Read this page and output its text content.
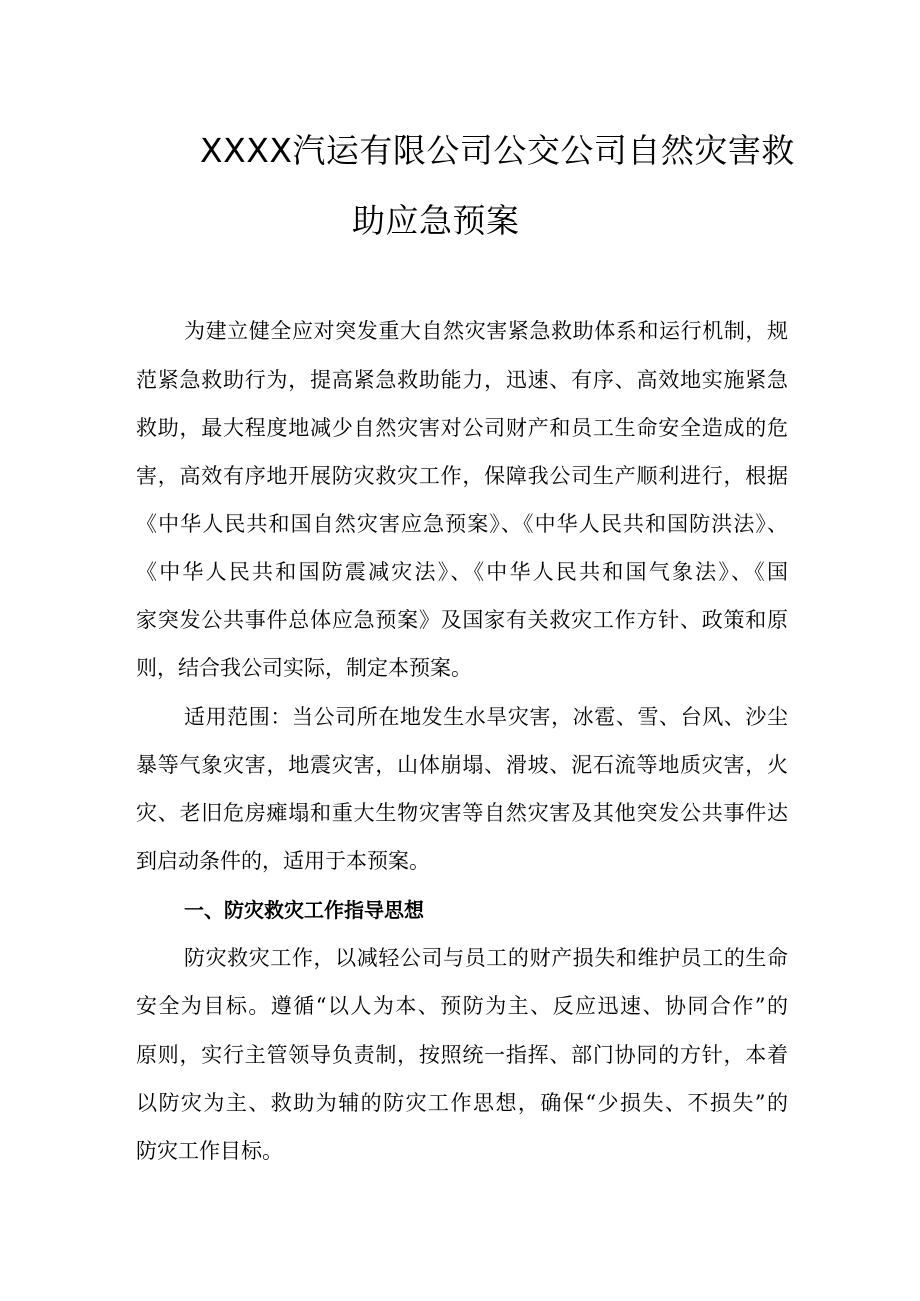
XXXX汽运有限公司公交公司自然灾害救
助应急预案
为建立健全应对突发重大自然灾害紧急救助体系和运行机制，规
范紧急救助行为，提高紧急救助能力，迅速、有序、高效地实施紧急
救助，最大程度地减少自然灾害对公司财产和员工生命安全造成的危
害，高效有序地开展防灾救灾工作，保障我公司生产顺利进行，根据
《中华人民共和国自然灾害应急预案》、《中华人民共和国防洪法》、
《中华人民共和国防震减灾法》、《中华人民共和国气象法》、《国
家突发公共事件总体应急预案》及国家有关救灾工作方针、政策和原
则，结合我公司实际，制定本预案。
适用范围：当公司所在地发生水旱灾害，冰雹、雪、台风、沙尘
暴等气象灾害，地震灾害，山体崩塌、滑坡、泥石流等地质灾害，火
灾、老旧危房瘫塌和重大生物灾害等自然灾害及其他突发公共事件达
到启动条件的，适用于本预案。
一、防灾救灾工作指导思想
防灾救灾工作，以减轻公司与员工的财产损失和维护员工的生命
安全为目标。遵循“以人为本、预防为主、反应迅速、协同合作”的
原则，实行主管领导负责制，按照统一指挥、部门协同的方针，本着
以防灾为主、救助为辅的防灾工作思想，确保“少损失、不损失”的
防灾工作目标。
